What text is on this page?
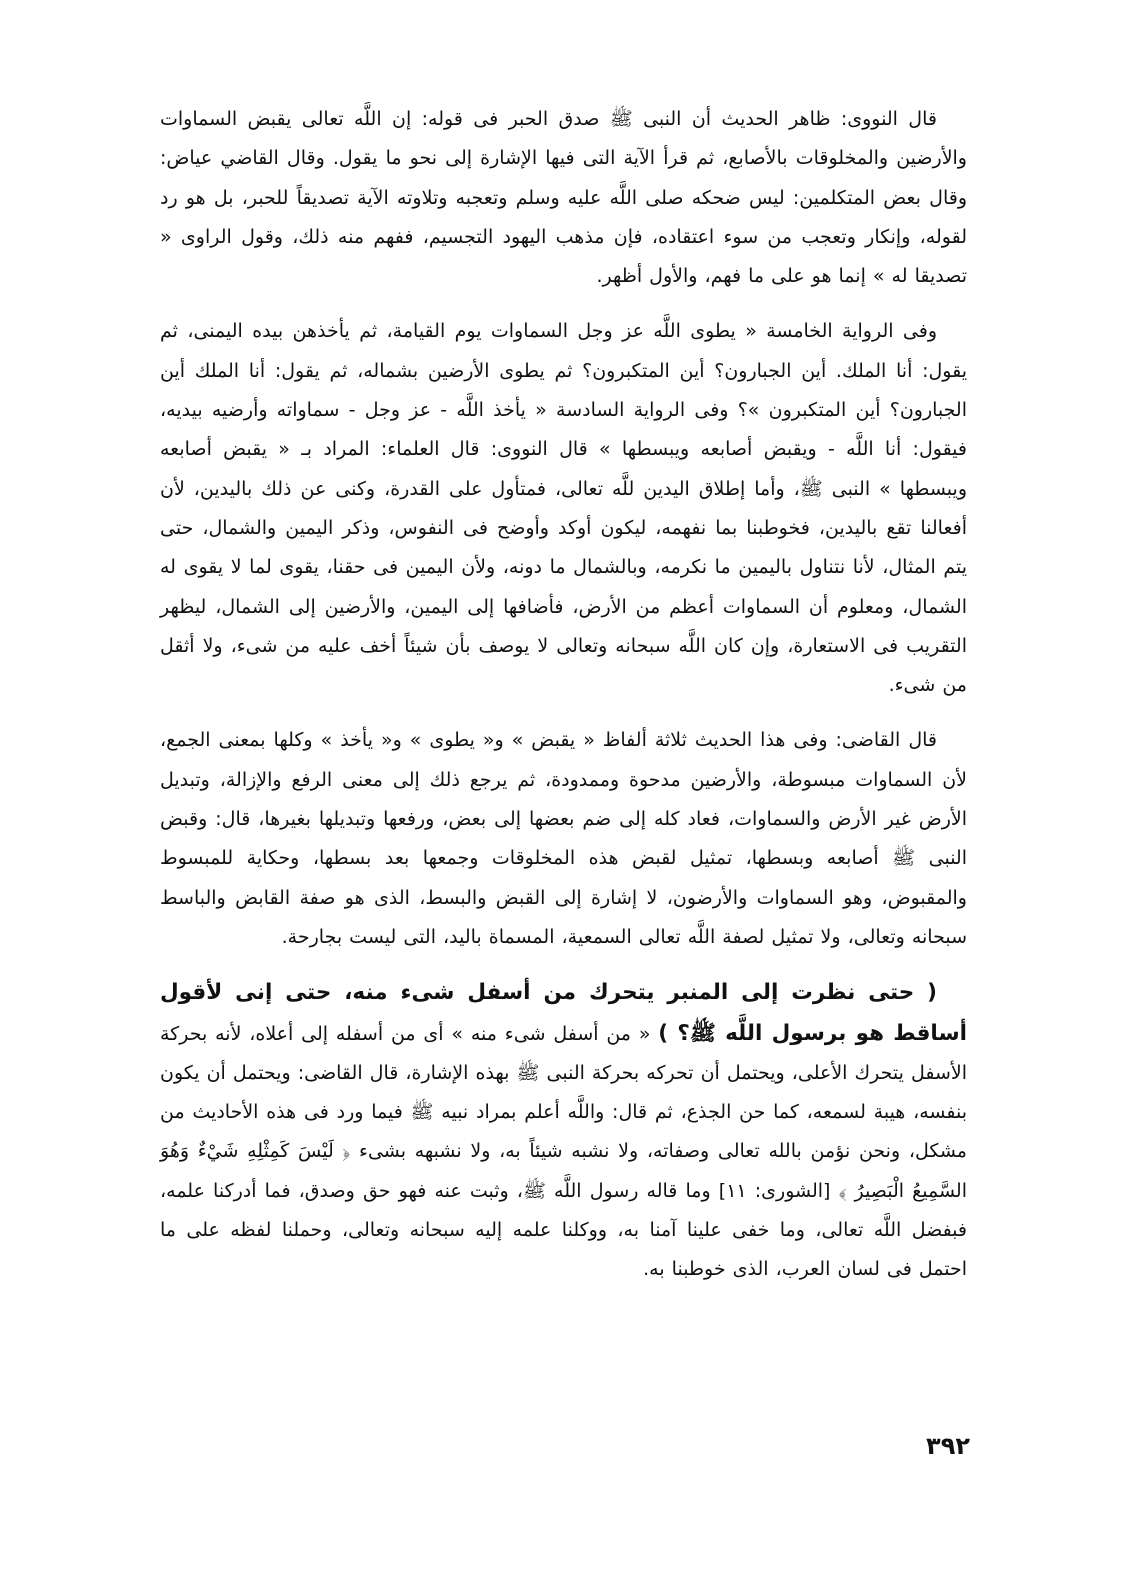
قال النووى: ظاهر الحديث أن النبى ﷺ صدق الحبر فى قوله: إن اللَّه تعالى يقبض السماوات والأرضين والمخلوقات بالأصابع، ثم قرأ الآية التى فيها الإشارة إلى نحو ما يقول. وقال القاضي عياض: وقال بعض المتكلمين: ليس ضحكه صلى اللَّه عليه وسلم وتعجبه وتلاوته الآية تصديقاً للحبر، بل هو رد لقوله، وإنكار وتعجب من سوء اعتقاده، فإن مذهب اليهود التجسيم، ففهم منه ذلك، وقول الراوى « تصديقا له » إنما هو على ما فهم، والأول أظهر.

وفى الرواية الخامسة « يطوى اللَّه عز وجل السماوات يوم القيامة، ثم يأخذهن بيده اليمنى، ثم يقول: أنا الملك. أين الجبارون؟ أين المتكبرون؟ ثم يطوى الأرضين بشماله، ثم يقول: أنا الملك أين الجبارون؟ أين المتكبرون »؟ وفى الرواية السادسة « يأخذ اللَّه - عز وجل - سماواته وأرضيه بيديه، فيقول: أنا اللَّه - ويقبض أصابعه ويبسطها » قال النووى: قال العلماء: المراد بـ « يقبض أصابعه ويبسطها » النبى ﷺ، وأما إطلاق اليدين للَّه تعالى، فمتأول على القدرة، وكنى عن ذلك باليدين، لأن أفعالنا تقع باليدين، فخوطبنا بما نفهمه، ليكون أوكد وأوضح فى النفوس، وذكر اليمين والشمال، حتى يتم المثال، لأنا نتناول باليمين ما نكرمه، وبالشمال ما دونه، ولأن اليمين فى حقنا، يقوى لما لا يقوى له الشمال، ومعلوم أن السماوات أعظم من الأرض، فأضافها إلى اليمين، والأرضين إلى الشمال، ليظهر التقريب فى الاستعارة، وإن كان اللَّه سبحانه وتعالى لا يوصف بأن شيئاً أخف عليه من شىء، ولا أثقل من شىء.

قال القاضى: وفى هذا الحديث ثلاثة ألفاظ « يقبض » و« يطوى » و« يأخذ » وكلها بمعنى الجمع، لأن السماوات مبسوطة، والأرضين مدحوة وممدودة، ثم يرجع ذلك إلى معنى الرفع والإزالة، وتبديل الأرض غير الأرض والسماوات، فعاد كله إلى ضم بعضها إلى بعض، ورفعها وتبديلها بغيرها، قال: وقبض النبى ﷺ أصابعه وبسطها، تمثيل لقبض هذه المخلوقات وجمعها بعد بسطها، وحكاية للمبسوط والمقبوض، وهو السماوات والأرضون، لا إشارة إلى القبض والبسط، الذى هو صفة القابض والباسط سبحانه وتعالى، ولا تمثيل لصفة اللَّه تعالى السمعية، المسماة باليد، التى ليست بجارحة.

( حتى نظرت إلى المنبر يتحرك من أسفل شىء منه، حتى إنى لأقول أساقط هو برسول اللَّه ﷺ؟ ) « من أسفل شىء منه » أى من أسفله إلى أعلاه، لأنه بحركة الأسفل يتحرك الأعلى، ويحتمل أن تحركه بحركة النبى ﷺ بهذه الإشارة، قال القاضى: ويحتمل أن يكون بنفسه، هيبة لسمعه، كما حن الجذع، ثم قال: واللَّه أعلم بمراد نبيه ﷺ فيما ورد فى هذه الأحاديث من مشكل، ونحن نؤمن بالله تعالى وصفاته، ولا نشبه شيئاً به، ولا نشبهه بشىء ﴿ لَيْسَ كَمِثْلِهِ شَيْءٌ وَهُوَ السَّمِيعُ الْبَصِيرُ ﴾ [الشورى: ١١] وما قاله رسول اللَّه ﷺ، وثبت عنه فهو حق وصدق، فما أدركنا علمه، فبفضل اللَّه تعالى، وما خفى علينا آمنا به، ووكلنا علمه إليه سبحانه وتعالى، وحملنا لفظه على ما احتمل فى لسان العرب، الذى خوطبنا به.

٣٩٢
